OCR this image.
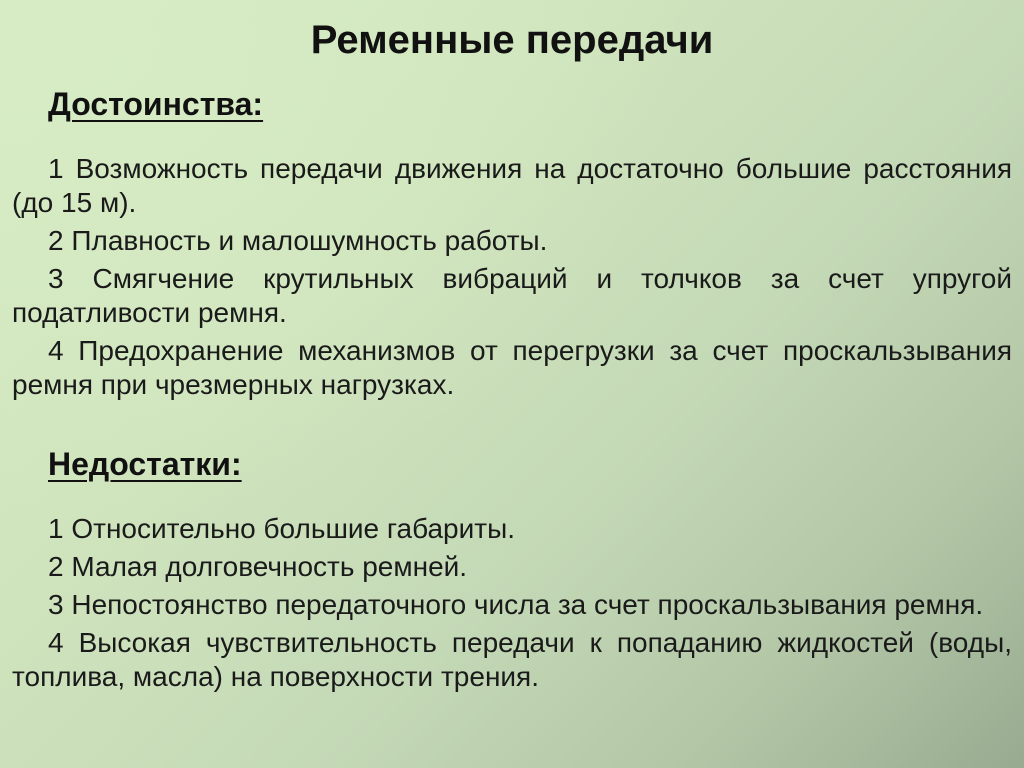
Ременные передачи
Достоинства:
1 Возможность передачи движения на достаточно большие расстояния (до 15 м).
2 Плавность и малошумность работы.
3 Смягчение крутильных вибраций и толчков за счет упругой податливости ремня.
4 Предохранение механизмов от перегрузки за счет проскальзывания ремня при чрезмерных нагрузках.
Недостатки:
1 Относительно большие габариты.
2 Малая долговечность ремней.
3 Непостоянство передаточного числа за счет проскальзывания ремня.
4 Высокая чувствительность передачи к попаданию жидкостей (воды, топлива, масла) на поверхности трения.
